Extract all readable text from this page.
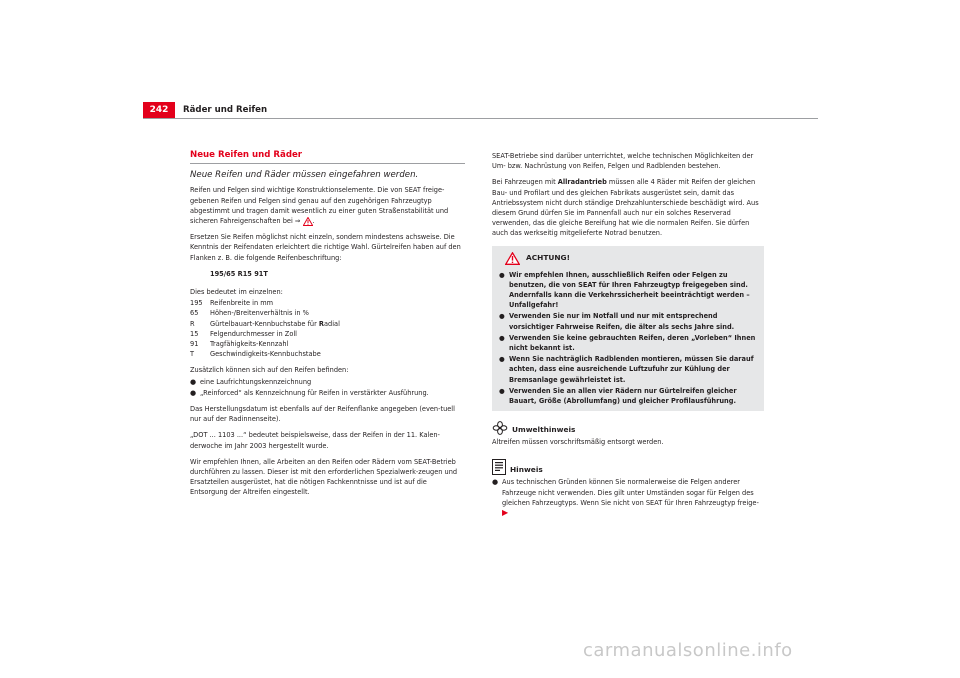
242	Räder und Reifen
Neue Reifen und Räder
Neue Reifen und Räder müssen eingefahren werden.

Reifen und Felgen sind wichtige Konstruktionselemente. Die von SEAT freige-gebenen Reifen und Felgen sind genau auf den zugehörigen Fahrzeugtyp abgestimmt und tragen damit wesentlich zu einer guten Straßenstabilität und sicheren Fahreigenschaften bei ⇒ .

Ersetzen Sie Reifen möglichst nicht einzeln, sondern mindestens achsweise. Die Kenntnis der Reifendaten erleichtert die richtige Wahl. Gürtelreifen haben auf den Flanken z. B. die folgende Reifenbeschriftung:

195/65 R15 91T

Dies bedeutet im einzelnen:

195	Reifenbreite in mm
65	Höhen-/Breitenverhältnis in %
R	Gürtelbauart-Kennbuchstabe für Radial
15	Felgendurchmesser in Zoll
91	Tragfähigkeits-Kennzahl
T	Geschwindigkeits-Kennbuchstabe

Zusätzlich können sich auf den Reifen befinden:

● eine Laufrichtungskennzeichnung
● „Reinforced“ als Kennzeichnung für Reifen in verstärkter Ausführung.

Das Herstellungsdatum ist ebenfalls auf der Reifenflanke angegeben (even-tuell nur auf der Radinnenseite).

„DOT ... 1103 ...“ bedeutet beispielsweise, dass der Reifen in der 11. Kalen-derwoche im Jahr 2003 hergestellt wurde.

Wir empfehlen Ihnen, alle Arbeiten an den Reifen oder Rädern vom SEAT-Betrieb durchführen zu lassen. Dieser ist mit den erforderlichen Spezialwerk-zeugen und Ersatzteilen ausgerüstet, hat die nötigen Fachkenntnisse und ist auf die Entsorgung der Altreifen eingestellt.

SEAT-Betriebe sind darüber unterrichtet, welche technischen Möglichkeiten der Um- bzw. Nachrüstung von Reifen, Felgen und Radblenden bestehen.

Bei Fahrzeugen mit Allradantrieb müssen alle 4 Räder mit Reifen der gleichen Bau- und Profilart und des gleichen Fabrikats ausgerüstet sein, damit das Antriebssystem nicht durch ständige Drehzahlunterschiede beschädigt wird. Aus diesem Grund dürfen Sie im Pannenfall auch nur ein solches Reserverad verwenden, das die gleiche Bereifung hat wie die normalen Reifen. Sie dürfen auch das werkseitig mitgelieferte Notrad benutzen.

ACHTUNG!
● Wir empfehlen Ihnen, ausschließlich Reifen oder Felgen zu benutzen, die von SEAT für Ihren Fahrzeugtyp freigegeben sind. Andernfalls kann die Verkehrssicherheit beeinträchtigt werden – Unfallgefahr!
● Verwenden Sie nur im Notfall und nur mit entsprechend vorsichtiger Fahrweise Reifen, die älter als sechs Jahre sind.
● Verwenden Sie keine gebrauchten Reifen, deren „Vorleben“ Ihnen nicht bekannt ist.
● Wenn Sie nachträglich Radblenden montieren, müssen Sie darauf achten, dass eine ausreichende Luftzufuhr zur Kühlung der Bremsanlage gewährleistet ist.
● Verwenden Sie an allen vier Rädern nur Gürtelreifen gleicher Bauart, Größe (Abrollumfang) und gleicher Profilausführung.
Umwelthinweis

Altreifen müssen vorschriftsmäßig entsorgt werden.

Hinweis
● Aus technischen Gründen können Sie normalerweise die Felgen anderer Fahrzeuge nicht verwenden. Dies gilt unter Umständen sogar für Felgen des gleichen Fahrzeugtyps. Wenn Sie nicht von SEAT für Ihren Fahrzeugtyp freige- ▶
carmanualsonline.info
